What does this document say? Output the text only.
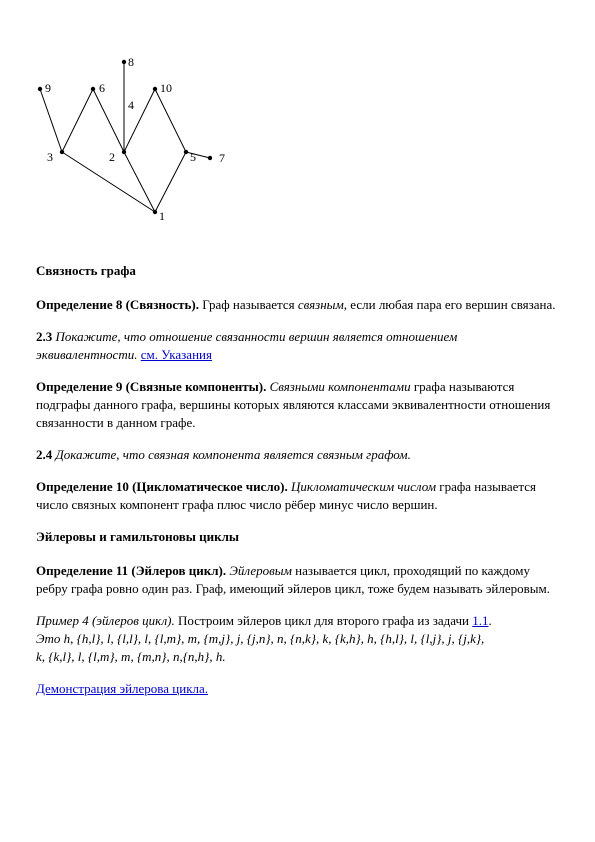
1
2
3
4
5
6
7
8
9	10

Связность графа

Определение 8 (Связность). Граф называется связным, если любая пара его вершин связана.

2.3 Покажите, что отношение связанности вершин является отношением эквивалентности. см. Указания

Определение 9 (Связные компоненты). Связными компонентами графа называются подграфы данного графа, вершины которых являются классами эквивалентности отношения связанности в данном графе.

2.4 Докажите, что связная компонента является связным графом.

Определение 10 (Цикломатическое число). Цикломатическим числом графа называется число связных компонент графа плюс число рёбер минус число вершин.

Эйлеровы и гамильтоновы циклы

Определение 11 (Эйлеров цикл). Эйлеровым называется цикл, проходящий по каждому ребру графа ровно один раз. Граф, имеющий эйлеров цикл, тоже будем называть эйлеровым.

Пример 4 (эйлеров цикл). Построим эйлеров цикл для второго графа из задачи 1.1.
Это h, {h,l}, l, {l,l}, l, {l,m}, m, {m,j}, j, {j,n}, n, {n,k}, k, {k,h}, h, {h,l}, l, {l,j}, j, {j,k},
k, {k,l}, l, {l,m}, m, {m,n}, n,{n,h}, h.

Демонстрация эйлерова цикла.
